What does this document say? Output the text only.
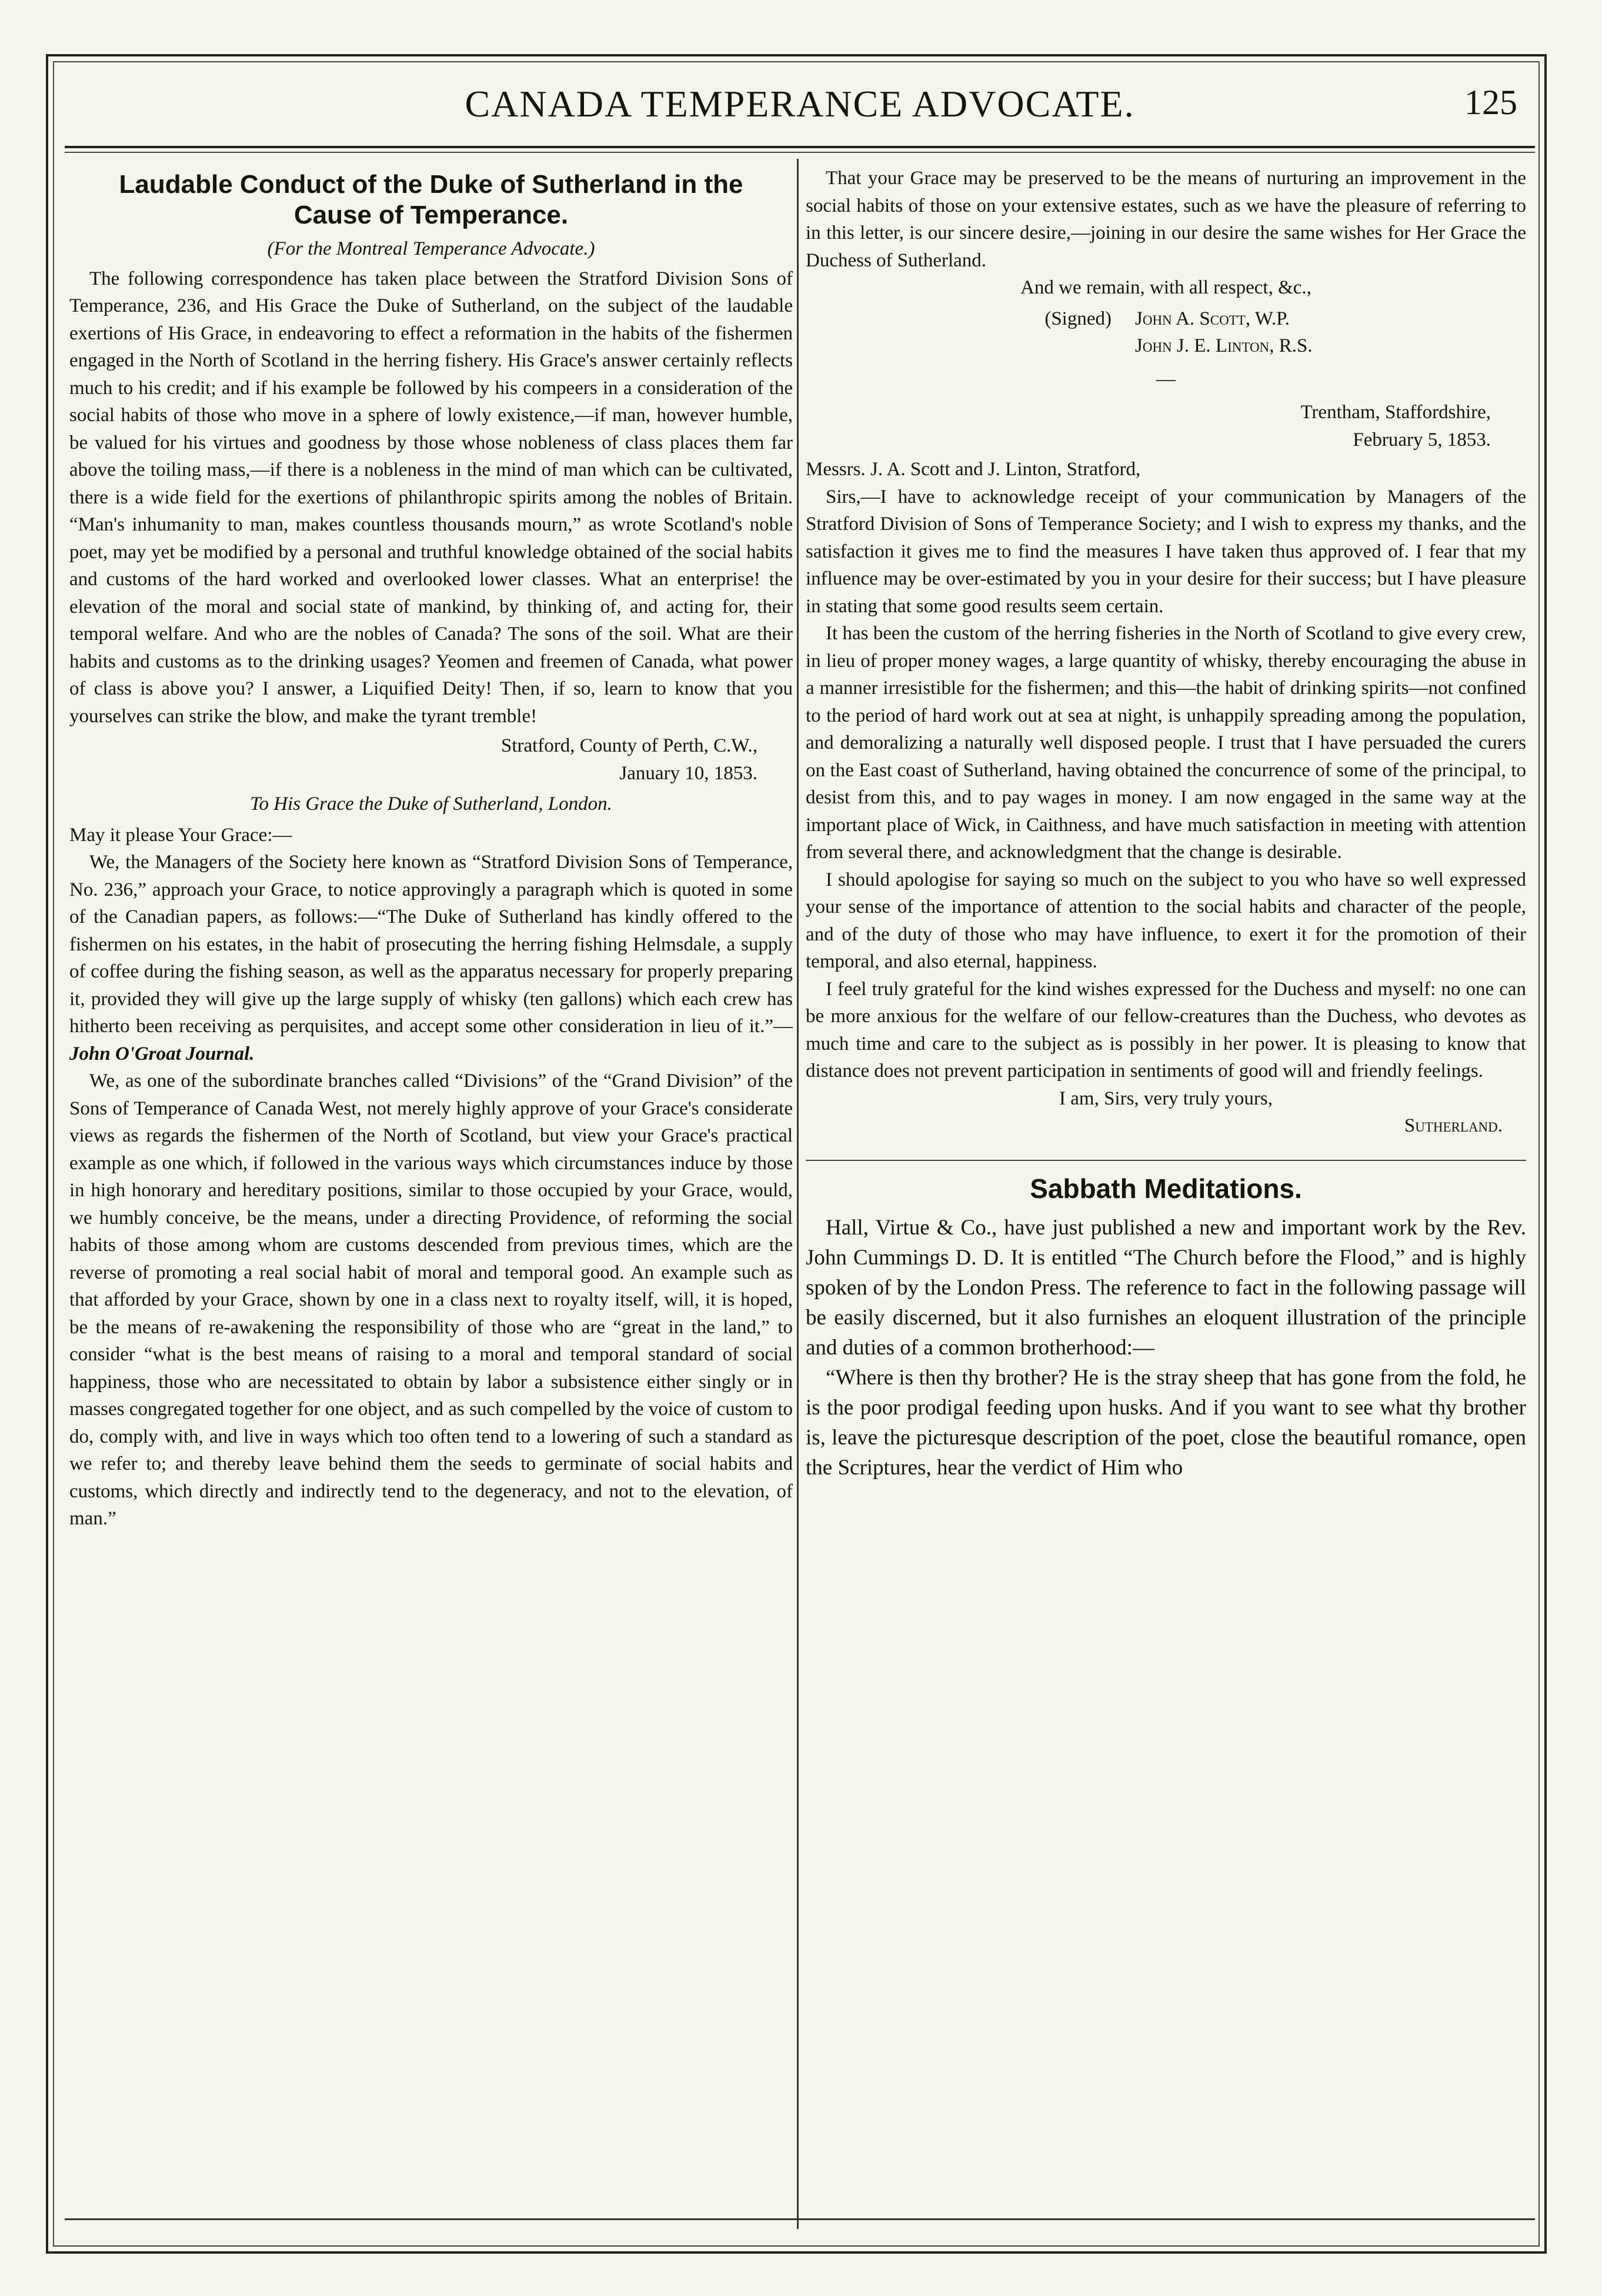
CANADA TEMPERANCE ADVOCATE.	125
Laudable Conduct of the Duke of Sutherland in the
Cause of Temperance.
(For the Montreal Temperance Advocate.)

The following correspondence has taken place between the Stratford Division Sons of Temperance, 236, and His Grace the Duke of Sutherland, on the subject of the laudable exertions of His Grace, in endeavoring to effect a reformation in the habits of the fishermen engaged in the North of Scotland in the herring fishery. His Grace's answer certainly reflects much to his credit; and if his example be followed by his compeers in a consideration of the social habits of those who move in a sphere of lowly existence,—if man, however humble, be valued for his virtues and goodness by those whose nobleness of class places them far above the toiling mass,—if there is a nobleness in the mind of man which can be cultivated, there is a wide field for the exertions of philanthropic spirits among the nobles of Britain. “Man's inhumanity to man, makes countless thousands mourn,” as wrote Scotland's noble poet, may yet be modified by a personal and truthful knowledge obtained of the social habits and customs of the hard worked and overlooked lower classes. What an enterprise! the elevation of the moral and social state of mankind, by thinking of, and acting for, their temporal welfare. And who are the nobles of Canada? The sons of the soil. What are their habits and customs as to the drinking usages? Yeomen and freemen of Canada, what power of class is above you? I answer, a Liquified Deity! Then, if so, learn to know that you yourselves can strike the blow, and make the tyrant tremble!

Stratford, County of Perth, C.W.,
January 10, 1853.
To His Grace the Duke of Sutherland, London.

May it please Your Grace:—

We, the Managers of the Society here known as “Stratford Division Sons of Temperance, No. 236,” approach your Grace, to notice approvingly a paragraph which is quoted in some of the Canadian papers, as follows:—“The Duke of Sutherland has kindly offered to the fishermen on his estates, in the habit of prosecuting the herring fishing Helmsdale, a supply of coffee during the fishing season, as well as the apparatus necessary for properly preparing it, provided they will give up the large supply of whisky (ten gallons) which each crew has hitherto been receiving as perquisites, and accept some other consideration in lieu of it.”— John O'Groat Journal.

We, as one of the subordinate branches called “Divisions” of the “Grand Division” of the Sons of Temperance of Canada West, not merely highly approve of your Grace's considerate views as regards the fishermen of the North of Scotland, but view your Grace's practical example as one which, if followed in the various ways which circumstances induce by those in high honorary and hereditary positions, similar to those occupied by your Grace, would, we humbly conceive, be the means, under a directing Providence, of reforming the social habits of those among whom are customs descended from previous times, which are the reverse of promoting a real social habit of moral and temporal good. An example such as that afforded by your Grace, shown by one in a class next to royalty itself, will, it is hoped, be the means of re-awakening the responsibility of those who are “great in the land,” to consider “what is the best means of raising to a moral and temporal standard of social happiness, those who are necessitated to obtain by labor a subsistence either singly or in masses congregated together for one object, and as such compelled by the voice of custom to do, comply with, and live in ways which too often tend to a lowering of such a standard as we refer to; and thereby leave behind them the seeds to germinate of social habits and customs, which directly and indirectly tend to the degeneracy, and not to the elevation, of man.”

That your Grace may be preserved to be the means of nurturing an improvement in the social habits of those on your extensive estates, such as we have the pleasure of referring to in this letter, is our sincere desire,—joining in our desire the same wishes for Her Grace the Duchess of Sutherland.

And we remain, with all respect, &c.,
(Signed)	John A. Scott, W.P.
John J. E. Linton, R.S.
—
Trentham, Staffordshire,
February 5, 1853.

Messrs. J. A. Scott and J. Linton, Stratford,

Sirs,—I have to acknowledge receipt of your communication by Managers of the Stratford Division of Sons of Temperance Society; and I wish to express my thanks, and the satisfaction it gives me to find the measures I have taken thus approved of. I fear that my influence may be over-estimated by you in your desire for their success; but I have pleasure in stating that some good results seem certain.

It has been the custom of the herring fisheries in the North of Scotland to give every crew, in lieu of proper money wages, a large quantity of whisky, thereby encouraging the abuse in a manner irresistible for the fishermen; and this—the habit of drinking spirits—not confined to the period of hard work out at sea at night, is unhappily spreading among the population, and demoralizing a naturally well disposed people. I trust that I have persuaded the curers on the East coast of Sutherland, having obtained the concurrence of some of the principal, to desist from this, and to pay wages in money. I am now engaged in the same way at the important place of Wick, in Caithness, and have much satisfaction in meeting with attention from several there, and acknowledgment that the change is desirable.

I should apologise for saying so much on the subject to you who have so well expressed your sense of the importance of attention to the social habits and character of the people, and of the duty of those who may have influence, to exert it for the promotion of their temporal, and also eternal, happiness.

I feel truly grateful for the kind wishes expressed for the Duchess and myself: no one can be more anxious for the welfare of our fellow-creatures than the Duchess, who devotes as much time and care to the subject as is possibly in her power. It is pleasing to know that distance does not prevent participation in sentiments of good will and friendly feelings.

I am, Sirs, very truly yours,
Sutherland.
Sabbath Meditations.

Hall, Virtue & Co., have just published a new and important work by the Rev. John Cummings D. D. It is entitled “The Church before the Flood,” and is highly spoken of by the London Press. The reference to fact in the following passage will be easily discerned, but it also furnishes an eloquent illustration of the principle and duties of a common brotherhood:—

“Where is then thy brother? He is the stray sheep that has gone from the fold, he is the poor prodigal feeding upon husks. And if you want to see what thy brother is, leave the picturesque description of the poet, close the beautiful romance, open the Scriptures, hear the verdict of Him who
